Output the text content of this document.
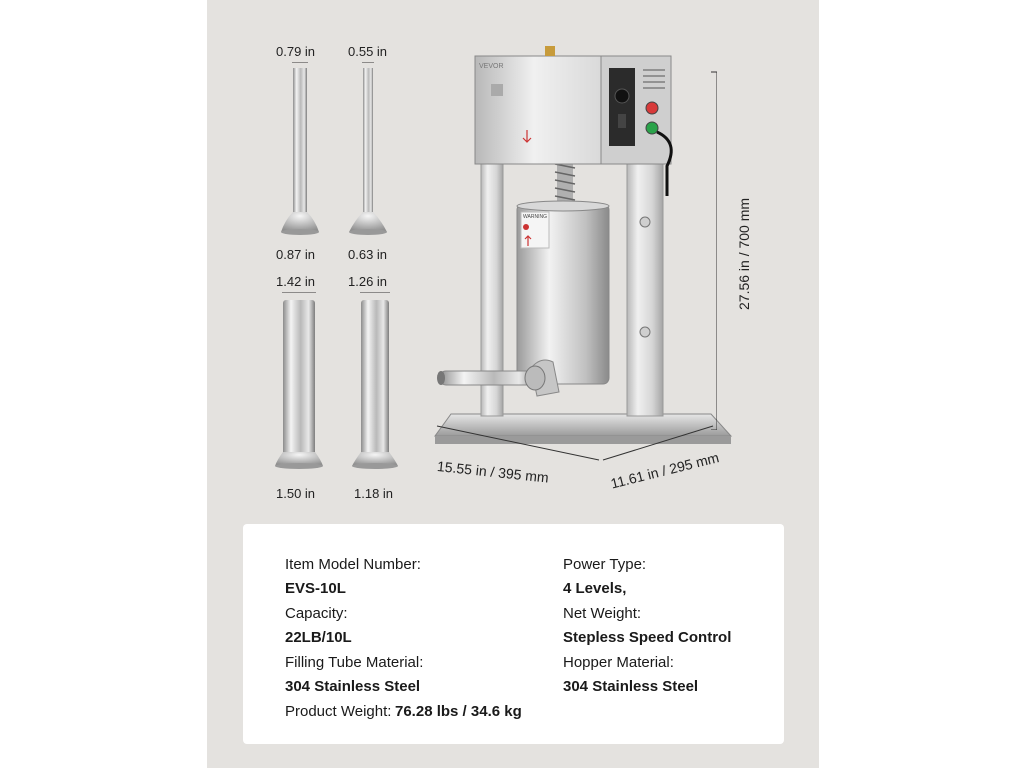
0.79 in
0.87 in
0.55 in
0.63 in
1.42 in
1.50 in
1.26 in
1.18 in
WARNING
VEVOR
27.56 in / 700 mm
15.55 in / 395 mm	11.61 in / 295 mm
Item Model Number:
EVS-10L
Capacity:
22LB/10L
Filling Tube Material:
304 Stainless Steel
Product Weight: 76.28 lbs / 34.6 kg
Power Type:
4 Levels,
Net Weight:
Stepless Speed Control
Hopper Material:
304 Stainless Steel
